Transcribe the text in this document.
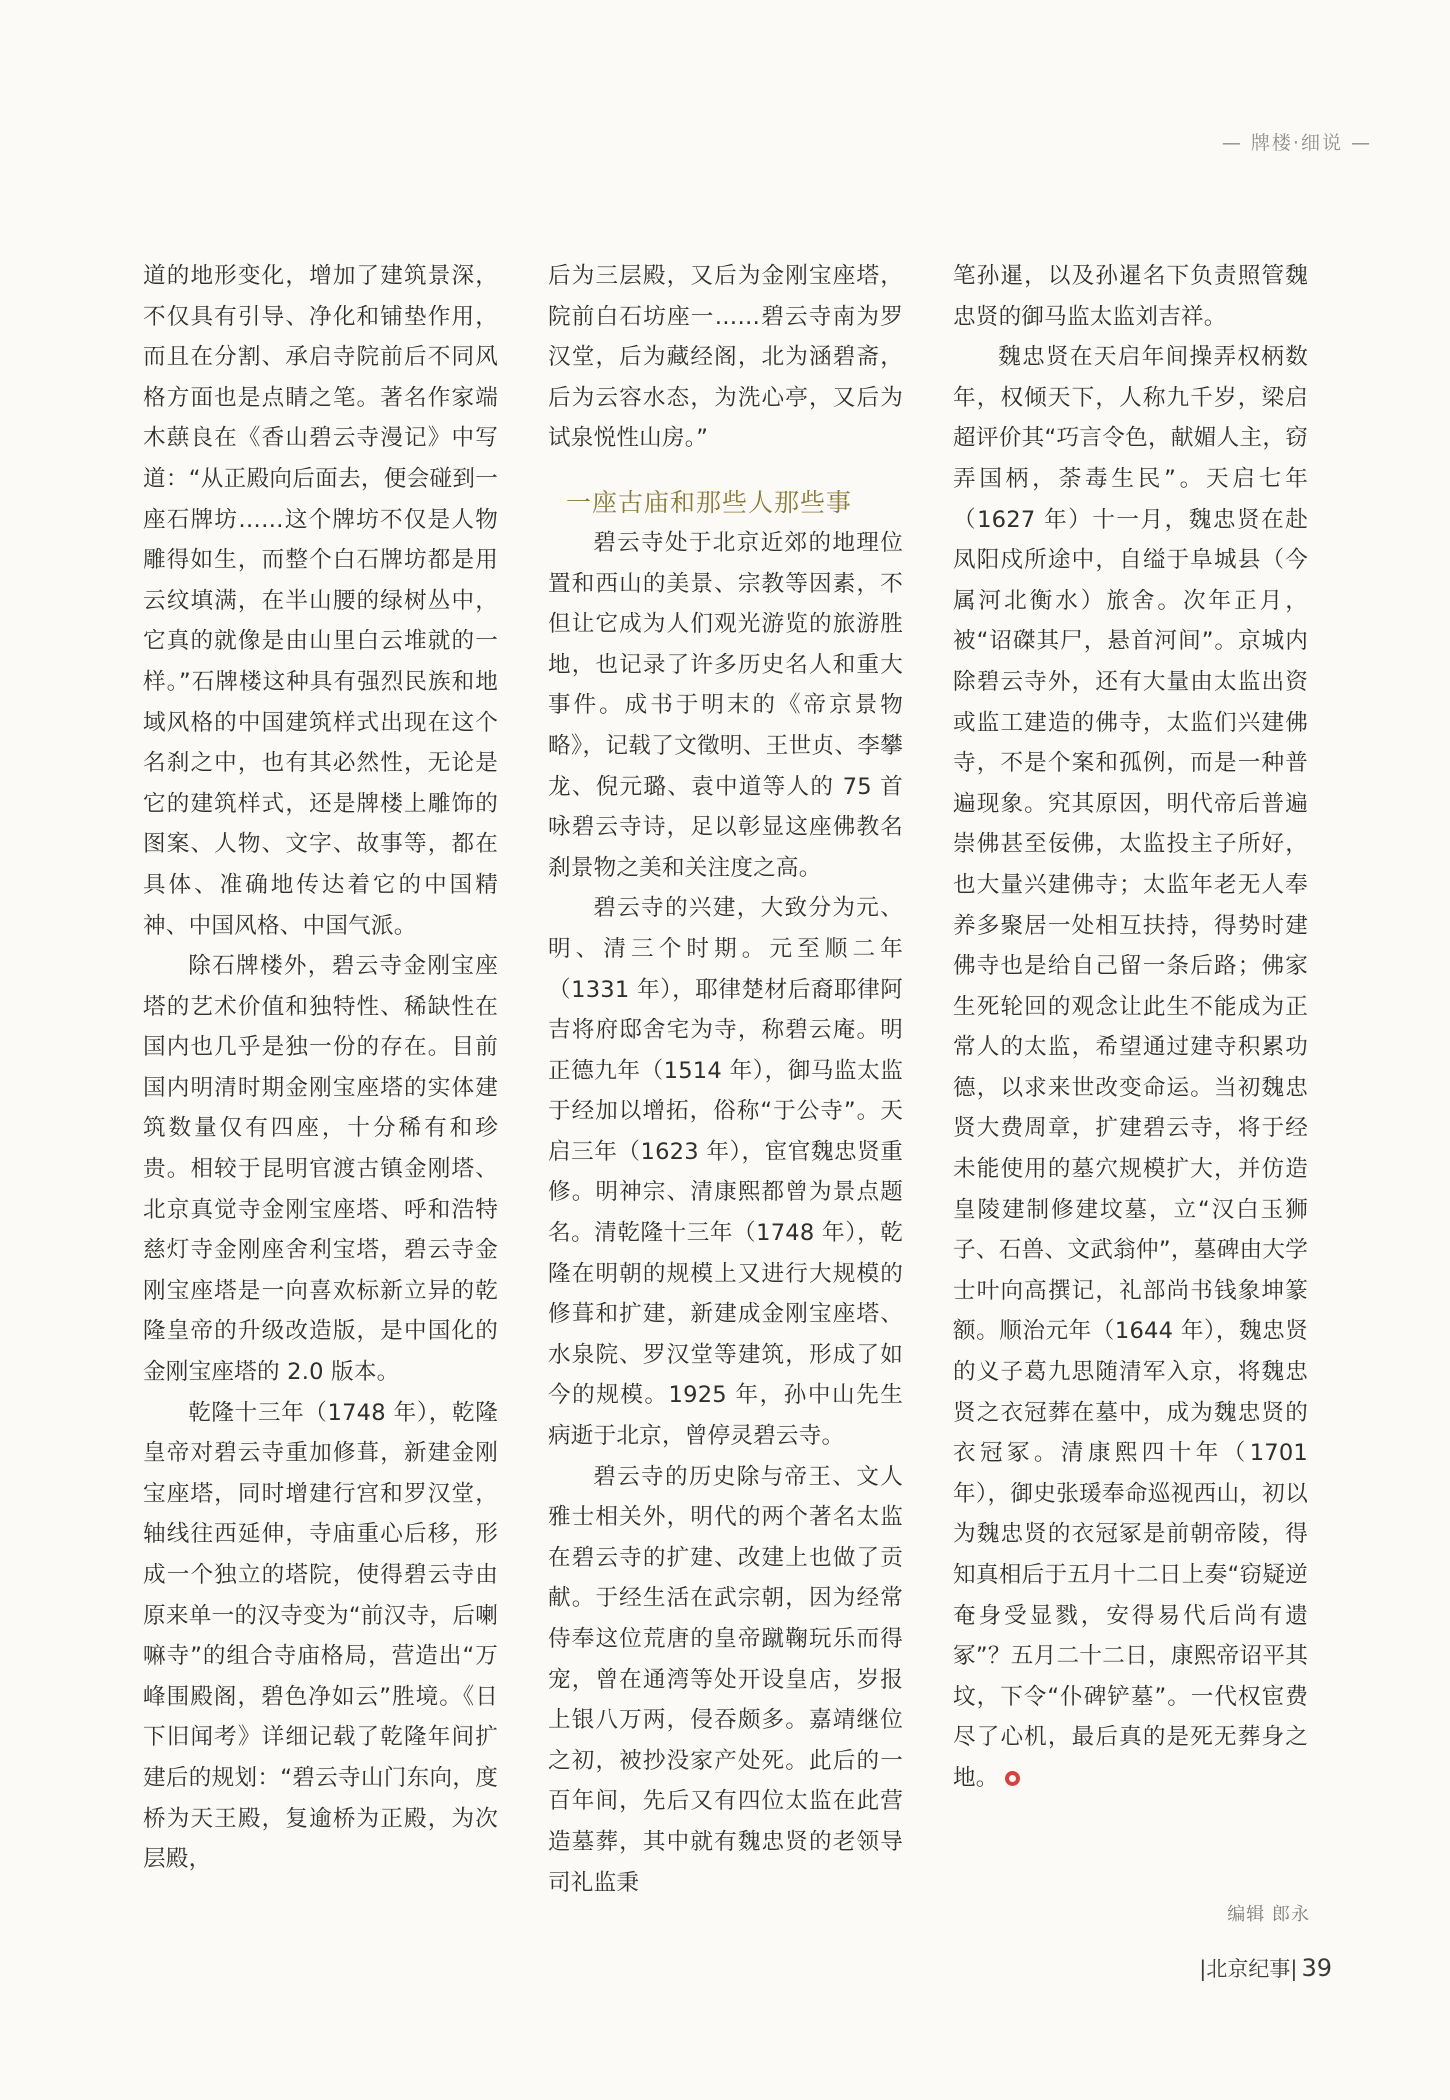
— 牌楼·细说 —

道的地形变化，增加了建筑景深，不仅具有引导、净化和铺垫作用，而且在分割、承启寺院前后不同风格方面也是点睛之笔。著名作家端木蕻良在《香山碧云寺漫记》中写道：“从正殿向后面去，便会碰到一座石牌坊……这个牌坊不仅是人物雕得如生，而整个白石牌坊都是用云纹填满，在半山腰的绿树丛中，它真的就像是由山里白云堆就的一样。”石牌楼这种具有强烈民族和地域风格的中国建筑样式出现在这个名刹之中，也有其必然性，无论是它的建筑样式，还是牌楼上雕饰的图案、人物、文字、故事等，都在具体、准确地传达着它的中国精神、中国风格、中国气派。

除石牌楼外，碧云寺金刚宝座塔的艺术价值和独特性、稀缺性在国内也几乎是独一份的存在。目前国内明清时期金刚宝座塔的实体建筑数量仅有四座，十分稀有和珍贵。相较于昆明官渡古镇金刚塔、北京真觉寺金刚宝座塔、呼和浩特慈灯寺金刚座舍利宝塔，碧云寺金刚宝座塔是一向喜欢标新立异的乾隆皇帝的升级改造版，是中国化的金刚宝座塔的 2.0 版本。

乾隆十三年（1748 年），乾隆皇帝对碧云寺重加修葺，新建金刚宝座塔，同时增建行宫和罗汉堂，轴线往西延伸，寺庙重心后移，形成一个独立的塔院，使得碧云寺由原来单一的汉寺变为“前汉寺，后喇嘛寺”的组合寺庙格局，营造出“万峰围殿阁，碧色净如云”胜境。《日下旧闻考》详细记载了乾隆年间扩建后的规划：“碧云寺山门东向，度桥为天王殿，复逾桥为正殿，为次层殿，

后为三层殿，又后为金刚宝座塔，院前白石坊座一……碧云寺南为罗汉堂，后为藏经阁，北为涵碧斋，后为云容水态，为洗心亭，又后为试泉悦性山房。”

一座古庙和那些人那些事

碧云寺处于北京近郊的地理位置和西山的美景、宗教等因素，不但让它成为人们观光游览的旅游胜地，也记录了许多历史名人和重大事件。成书于明末的《帝京景物略》，记载了文徵明、王世贞、李攀龙、倪元璐、袁中道等人的 75 首咏碧云寺诗，足以彰显这座佛教名刹景物之美和关注度之高。

碧云寺的兴建，大致分为元、明、清三个时期。元至顺二年（1331 年），耶律楚材后裔耶律阿吉将府邸舍宅为寺，称碧云庵。明正德九年（1514 年），御马监太监于经加以增拓，俗称“于公寺”。天启三年（1623 年），宦官魏忠贤重修。明神宗、清康熙都曾为景点题名。清乾隆十三年（1748 年），乾隆在明朝的规模上又进行大规模的修葺和扩建，新建成金刚宝座塔、水泉院、罗汉堂等建筑，形成了如今的规模。1925 年，孙中山先生病逝于北京，曾停灵碧云寺。

碧云寺的历史除与帝王、文人雅士相关外，明代的两个著名太监在碧云寺的扩建、改建上也做了贡献。于经生活在武宗朝，因为经常侍奉这位荒唐的皇帝蹴鞠玩乐而得宠，曾在通湾等处开设皇店，岁报上银八万两，侵吞颇多。嘉靖继位之初，被抄没家产处死。此后的一百年间，先后又有四位太监在此营造墓葬，其中就有魏忠贤的老领导司礼监秉

笔孙暹，以及孙暹名下负责照管魏忠贤的御马监太监刘吉祥。

魏忠贤在天启年间操弄权柄数年，权倾天下，人称九千岁，梁启超评价其“巧言令色，献媚人主，窃弄国柄，荼毒生民”。天启七年（1627 年）十一月，魏忠贤在赴凤阳戍所途中，自缢于阜城县（今属河北衡水）旅舍。次年正月，被“诏磔其尸，悬首河间”。京城内除碧云寺外，还有大量由太监出资或监工建造的佛寺，太监们兴建佛寺，不是个案和孤例，而是一种普遍现象。究其原因，明代帝后普遍崇佛甚至佞佛，太监投主子所好，也大量兴建佛寺；太监年老无人奉养多聚居一处相互扶持，得势时建佛寺也是给自己留一条后路；佛家生死轮回的观念让此生不能成为正常人的太监，希望通过建寺积累功德，以求来世改变命运。当初魏忠贤大费周章，扩建碧云寺，将于经未能使用的墓穴规模扩大，并仿造皇陵建制修建坟墓，立“汉白玉狮子、石兽、文武翁仲”，墓碑由大学士叶向高撰记，礼部尚书钱象坤篆额。顺治元年（1644 年），魏忠贤的义子葛九思随清军入京，将魏忠贤之衣冠葬在墓中，成为魏忠贤的衣冠冢。清康熙四十年（1701 年），御史张瑗奉命巡视西山，初以为魏忠贤的衣冠冢是前朝帝陵，得知真相后于五月十二日上奏“窃疑逆奄身受显戮，安得易代后尚有遗冢”？五月二十二日，康熙帝诏平其坟，下令“仆碑铲墓”。一代权宦费尽了心机，最后真的是死无葬身之地。

编辑 郎永
|北京纪事| 39
